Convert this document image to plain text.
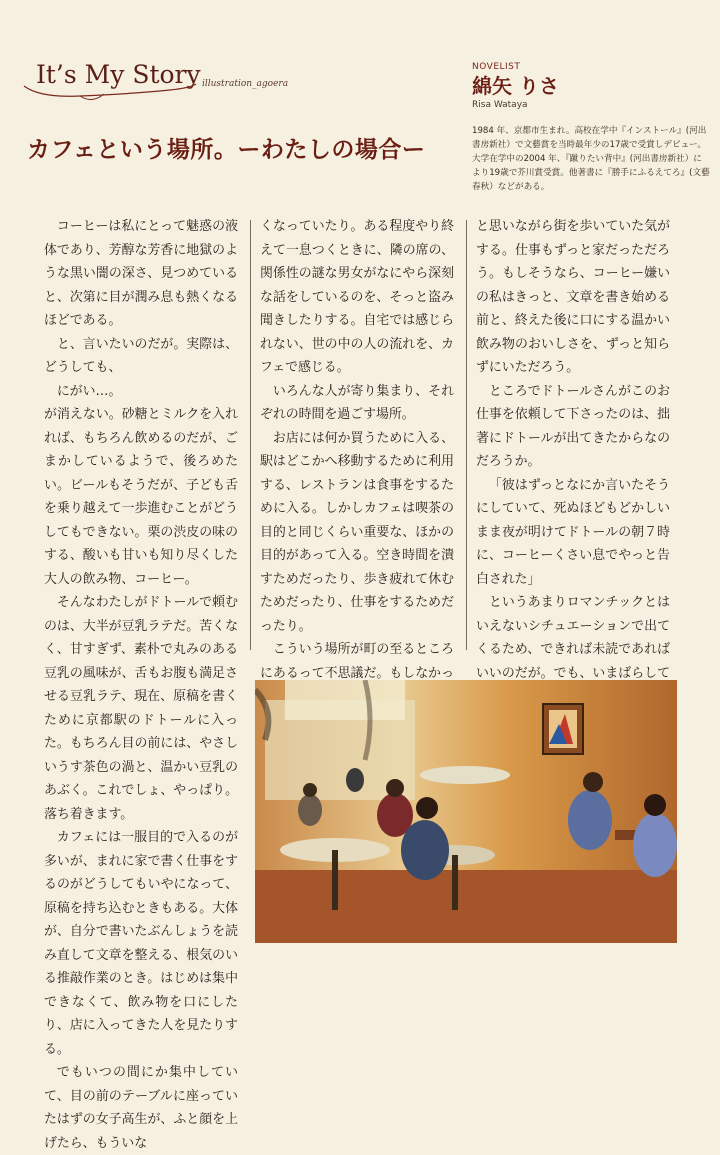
It’s My Story illustration_agoera
カフェという場所。ーわたしの場合ー
NOVELIST
綿矢 りさ
Risa Wataya
1984 年、京都市生まれ。高校在学中『インストール』(河出書房新社）で文藝賞を当時最年少の17歳で受賞しデビュー。大学在学中の2004 年、『蹴りたい背中』(河出書房新社）により19歳で芥川賞受賞。他著書に『勝手にふるえてろ』(文藝春秋）などがある。

コーヒーは私にとって魅惑の液体であり、芳醇な芳香に地獄のような黒い闇の深さ、見つめていると、次第に目が潤み息も熱くなるほどである。

と、言いたいのだが。実際は、どうしても、

にがい…。

が消えない。砂糖とミルクを入れれば、もちろん飲めるのだが、ごまかしているようで、後ろめたい。ビールもそうだが、子ども舌を乗り越えて一歩進むことがどうしてもできない。栗の渋皮の味のする、酸いも甘いも知り尽くした大人の飲み物、コーヒー。

そんなわたしがドトールで頼むのは、大半が豆乳ラテだ。苦くなく、甘すぎず、素朴で丸みのある豆乳の風味が、舌もお腹も満足させる豆乳ラテ、現在、原稿を書くために京都駅のドトールに入った。もちろん目の前には、やさしいうす茶色の渦と、温かい豆乳のあぶく。これでしょ、やっぱり。落ち着きます。

カフェには一服目的で入るのが多いが、まれに家で書く仕事をするのがどうしてもいやになって、原稿を持ち込むときもある。大体が、自分で書いたぶんしょうを読み直して文章を整える、根気のいる推敲作業のとき。はじめは集中できなくて、飲み物を口にしたり、店に入ってきた人を見たりする。

でもいつの間にか集中していて、目の前のテーブルに座っていたはずの女子高生が、ふと顔を上げたら、もういな

くなっていたり。ある程度やり終えて一息つくときに、隣の席の、関係性の謎な男女がなにやら深刻な話をしているのを、そっと盗み聞きしたりする。自宅では感じられない、世の中の人の流れを、カフェで感じる。

いろんな人が寄り集まり、それぞれの時間を過ごす場所。

お店には何か買うために入る、駅はどこかへ移動するために利用する、レストランは食事をするために入る。しかしカフェは喫茶の目的と同じくらい重要な、ほかの目的があって入る。空き時間を潰すためだったり、歩き疲れて休むためだったり、仕事をするためだったり。

こういう場所が町の至るところにあるって不思議だ。もしなかっ

と思いながら街を歩いていた気がする。仕事もずっと家だっただろう。もしそうなら、コーヒー嫌いの私はきっと、文章を書き始める前と、終えた後に口にする温かい飲み物のおいしさを、ずっと知らずにいただろう。

ところでドトールさんがこのお仕事を依頼して下さったのは、拙著にドトールが出てきたからなのだろうか。

「彼はずっとなにか言いたそうにしていて、死ぬほどもどかしいまま夜が明けてドトールの朝７時に、コーヒーくさい息でやっと告白された」

というあまりロマンチックとはいえないシチュエーションで出てくるため、できれば未読であればいいのだが。でも、いまばらして
